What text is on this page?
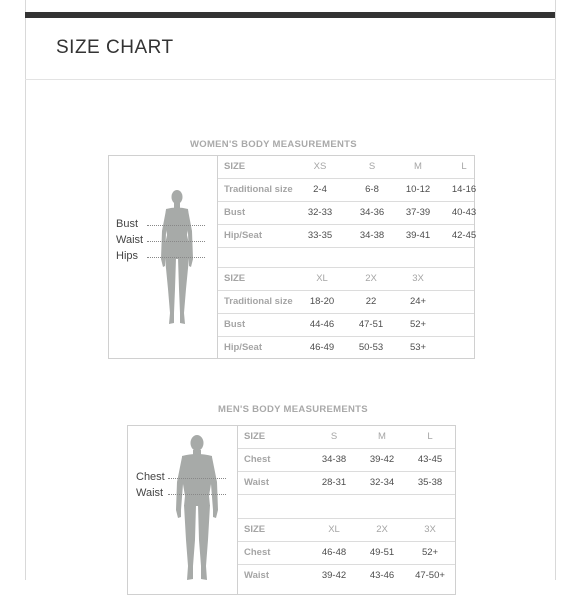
SIZE CHART
WOMEN'S BODY MEASUREMENTS
Bust
Waist
Hips
SIZE	XS	S	M	L
Traditional size	2-4	6-8	10-12	14-16
Bust	32-33	34-36	37-39	40-43
Hip/Seat	33-35	34-38	39-41	42-45
SIZE	XL	2X	3X
Traditional size	18-20	22	24+
Bust	44-46	47-51	52+
Hip/Seat	46-49	50-53	53+
MEN'S BODY MEASUREMENTS
Chest
Waist
SIZE	S	M	L
Chest	34-38	39-42	43-45
Waist	28-31	32-34	35-38
SIZE	XL	2X	3X
Chest	46-48	49-51	52+
Waist	39-42	43-46	47-50+
